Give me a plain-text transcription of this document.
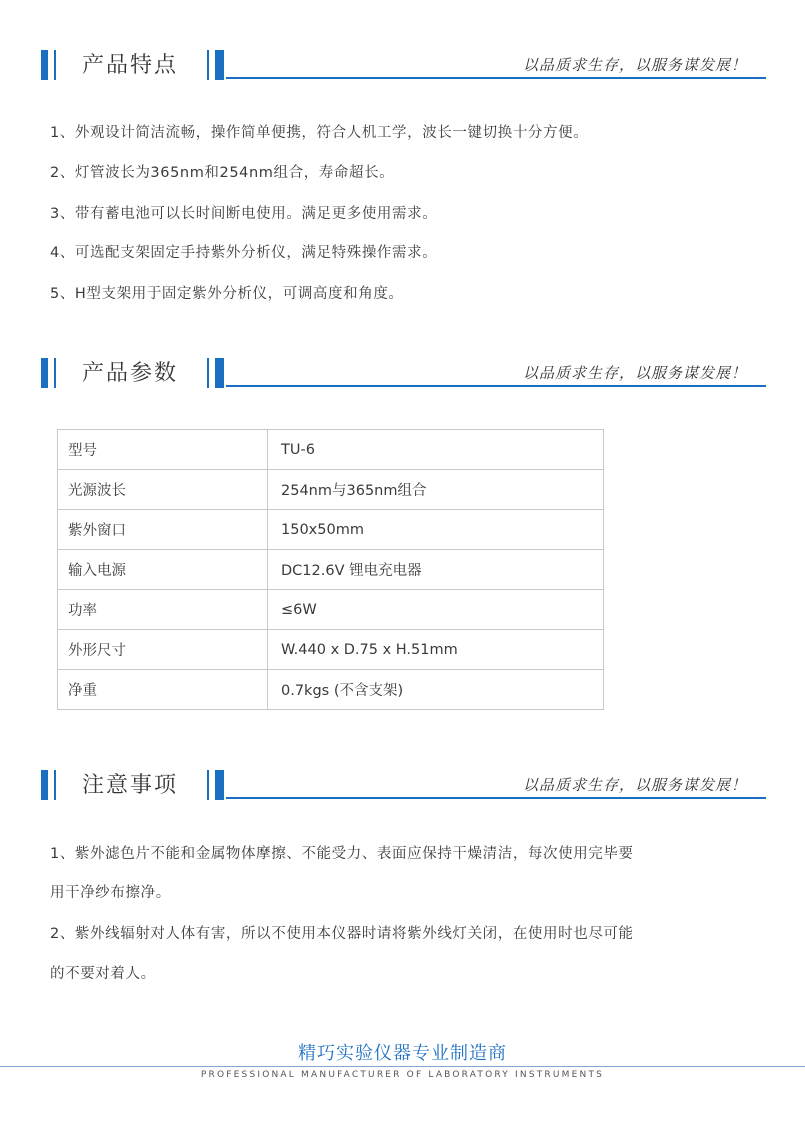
产品特点	以品质求生存，以服务谋发展！
1、外观设计简洁流畅，操作简单便携，符合人机工学，波长一键切换十分方便。
2、灯管波长为365nm和254nm组合，寿命超长。
3、带有蓄电池可以长时间断电使用。满足更多使用需求。
4、可选配支架固定手持紫外分析仪，满足特殊操作需求。
5、H型支架用于固定紫外分析仪，可调高度和角度。
产品参数	以品质求生存，以服务谋发展！
型号	TU-6
光源波长	254nm与365nm组合
紫外窗口	150x50mm
输入电源	DC12.6V 锂电充电器
功率	≤6W
外形尺寸	W.440 x D.75 x H.51mm
净重	0.7kgs (不含支架)
注意事项	以品质求生存，以服务谋发展！
1、紫外滤色片不能和金属物体摩擦、不能受力、表面应保持干燥清洁，每次使用完毕要
用干净纱布擦净。
2、紫外线辐射对人体有害，所以不使用本仪器时请将紫外线灯关闭，在使用时也尽可能
的不要对着人。
精巧实验仪器专业制造商
PROFESSIONAL MANUFACTURER OF LABORATORY INSTRUMENTS
